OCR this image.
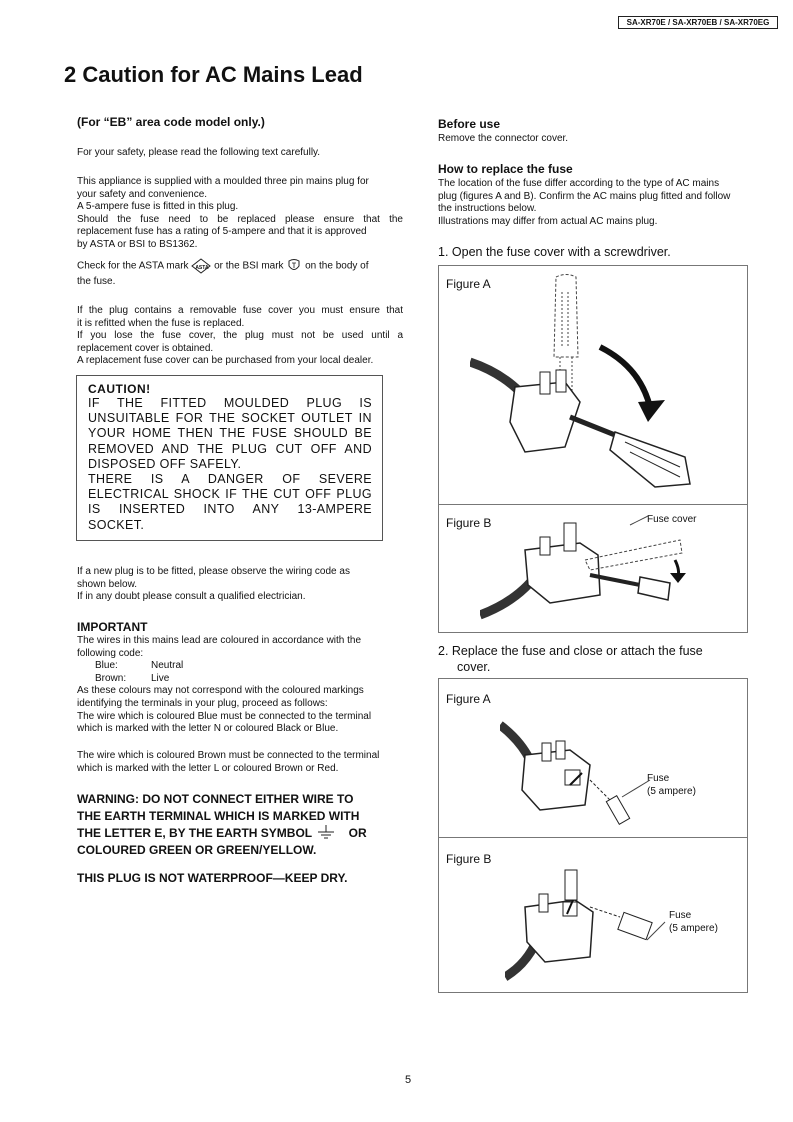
SA-XR70E / SA-XR70EB / SA-XR70EG
2 Caution for AC Mains Lead
(For “EB” area code model only.)
For your safety, please read the following text carefully.
This appliance is supplied with a moulded three pin mains plug for
your safety and convenience.
A 5-ampere fuse is fitted in this plug.
Should the fuse need to be replaced please ensure that the
replacement fuse has a rating of 5-ampere and that it is approved
by ASTA or BSI to BS1362.
Check for the ASTA mark ASTA or the BSI mark on the body of
the fuse.
If the plug contains a removable fuse cover you must ensure that
it is refitted when the fuse is replaced.
If you lose the fuse cover, the plug must not be used until a
replacement cover is obtained.
A replacement fuse cover can be purchased from your local dealer.
CAUTION!
IF THE FITTED MOULDED PLUG IS
UNSUITABLE FOR THE SOCKET OUTLET IN
YOUR HOME THEN THE FUSE SHOULD BE
REMOVED AND THE PLUG CUT OFF AND
DISPOSED OFF SAFELY.
THERE IS A DANGER OF SEVERE
ELECTRICAL SHOCK IF THE CUT OFF PLUG
IS INSERTED INTO ANY 13-AMPERE
SOCKET.
If a new plug is to be fitted, please observe the wiring code as
shown below.
If in any doubt please consult a qualified electrician.
IMPORTANT
The wires in this mains lead are coloured in accordance with the
following code:
Blue:	Neutral
Brown: Live
As these colours may not correspond with the coloured markings
identifying the terminals in your plug, proceed as follows:
The wire which is coloured Blue must be connected to the terminal
which is marked with the letter N or coloured Black or Blue.
The wire which is coloured Brown must be connected to the terminal
which is marked with the letter L or coloured Brown or Red.
WARNING: DO NOT CONNECT EITHER WIRE TO
THE EARTH TERMINAL WHICH IS MARKED WITH
THE LETTER E, BY THE EARTH SYMBOL	OR
COLOURED GREEN OR GREEN/YELLOW.
THIS PLUG IS NOT WATERPROOF—KEEP DRY.
Before use
Remove the connector cover.
How to replace the fuse
The location of the fuse differ according to the type of AC mains
plug (figures A and B). Confirm the AC mains plug fitted and follow
the instructions below.
Illustrations may differ from actual AC mains plug.
1. Open the fuse cover with a screwdriver.
Figure A
Figure B	Fuse cover
2. Replace the fuse and close or attach the fuse
cover.
Figure A
Figure B
Fuse
(5 ampere)
Fuse
(5 ampere)
5
